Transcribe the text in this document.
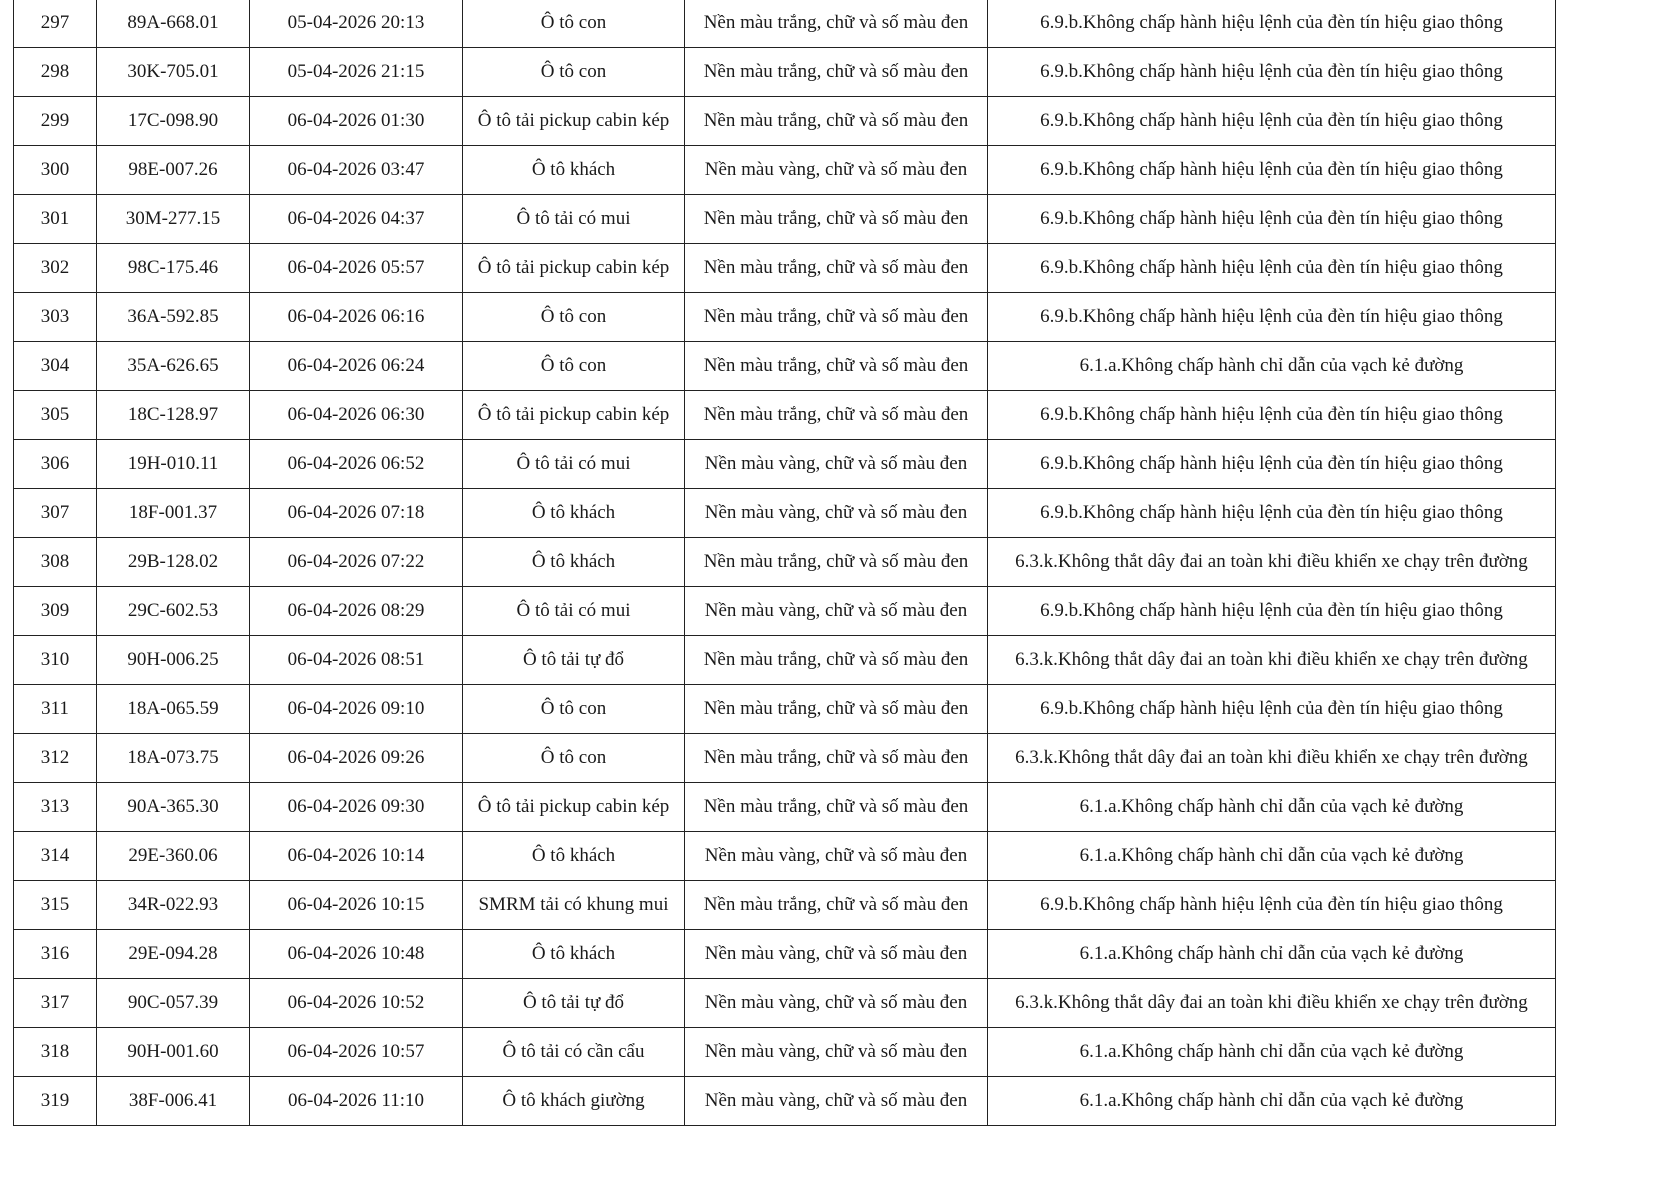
297	89A-668.01	05-04-2026 20:13	Ô tô con	Nền màu trắng, chữ và số màu đen	6.9.b.Không chấp hành hiệu lệnh của đèn tín hiệu giao thông
298	30K-705.01	05-04-2026 21:15	Ô tô con	Nền màu trắng, chữ và số màu đen	6.9.b.Không chấp hành hiệu lệnh của đèn tín hiệu giao thông
299	17C-098.90	06-04-2026 01:30	Ô tô tải pickup cabin kép	Nền màu trắng, chữ và số màu đen	6.9.b.Không chấp hành hiệu lệnh của đèn tín hiệu giao thông
300	98E-007.26	06-04-2026 03:47	Ô tô khách	Nền màu vàng, chữ và số màu đen	6.9.b.Không chấp hành hiệu lệnh của đèn tín hiệu giao thông
301	30M-277.15	06-04-2026 04:37	Ô tô tải có mui	Nền màu trắng, chữ và số màu đen	6.9.b.Không chấp hành hiệu lệnh của đèn tín hiệu giao thông
302	98C-175.46	06-04-2026 05:57	Ô tô tải pickup cabin kép	Nền màu trắng, chữ và số màu đen	6.9.b.Không chấp hành hiệu lệnh của đèn tín hiệu giao thông
303	36A-592.85	06-04-2026 06:16	Ô tô con	Nền màu trắng, chữ và số màu đen	6.9.b.Không chấp hành hiệu lệnh của đèn tín hiệu giao thông
304	35A-626.65	06-04-2026 06:24	Ô tô con	Nền màu trắng, chữ và số màu đen	6.1.a.Không chấp hành chỉ dẫn của vạch kẻ đường
305	18C-128.97	06-04-2026 06:30	Ô tô tải pickup cabin kép	Nền màu trắng, chữ và số màu đen	6.9.b.Không chấp hành hiệu lệnh của đèn tín hiệu giao thông
306	19H-010.11	06-04-2026 06:52	Ô tô tải có mui	Nền màu vàng, chữ và số màu đen	6.9.b.Không chấp hành hiệu lệnh của đèn tín hiệu giao thông
307	18F-001.37	06-04-2026 07:18	Ô tô khách	Nền màu vàng, chữ và số màu đen	6.9.b.Không chấp hành hiệu lệnh của đèn tín hiệu giao thông
308	29B-128.02	06-04-2026 07:22	Ô tô khách	Nền màu trắng, chữ và số màu đen	6.3.k.Không thắt dây đai an toàn khi điều khiển xe chạy trên đường
309	29C-602.53	06-04-2026 08:29	Ô tô tải có mui	Nền màu vàng, chữ và số màu đen	6.9.b.Không chấp hành hiệu lệnh của đèn tín hiệu giao thông
310	90H-006.25	06-04-2026 08:51	Ô tô tải tự đổ	Nền màu trắng, chữ và số màu đen	6.3.k.Không thắt dây đai an toàn khi điều khiển xe chạy trên đường
311	18A-065.59	06-04-2026 09:10	Ô tô con	Nền màu trắng, chữ và số màu đen	6.9.b.Không chấp hành hiệu lệnh của đèn tín hiệu giao thông
312	18A-073.75	06-04-2026 09:26	Ô tô con	Nền màu trắng, chữ và số màu đen	6.3.k.Không thắt dây đai an toàn khi điều khiển xe chạy trên đường
313	90A-365.30	06-04-2026 09:30	Ô tô tải pickup cabin kép	Nền màu trắng, chữ và số màu đen	6.1.a.Không chấp hành chỉ dẫn của vạch kẻ đường
314	29E-360.06	06-04-2026 10:14	Ô tô khách	Nền màu vàng, chữ và số màu đen	6.1.a.Không chấp hành chỉ dẫn của vạch kẻ đường
315	34R-022.93	06-04-2026 10:15	SMRM tải có khung mui	Nền màu trắng, chữ và số màu đen	6.9.b.Không chấp hành hiệu lệnh của đèn tín hiệu giao thông
316	29E-094.28	06-04-2026 10:48	Ô tô khách	Nền màu vàng, chữ và số màu đen	6.1.a.Không chấp hành chỉ dẫn của vạch kẻ đường
317	90C-057.39	06-04-2026 10:52	Ô tô tải tự đổ	Nền màu vàng, chữ và số màu đen	6.3.k.Không thắt dây đai an toàn khi điều khiển xe chạy trên đường
318	90H-001.60	06-04-2026 10:57	Ô tô tải có cần cẩu	Nền màu vàng, chữ và số màu đen	6.1.a.Không chấp hành chỉ dẫn của vạch kẻ đường
319	38F-006.41	06-04-2026 11:10	Ô tô khách giường	Nền màu vàng, chữ và số màu đen	6.1.a.Không chấp hành chỉ dẫn của vạch kẻ đường
